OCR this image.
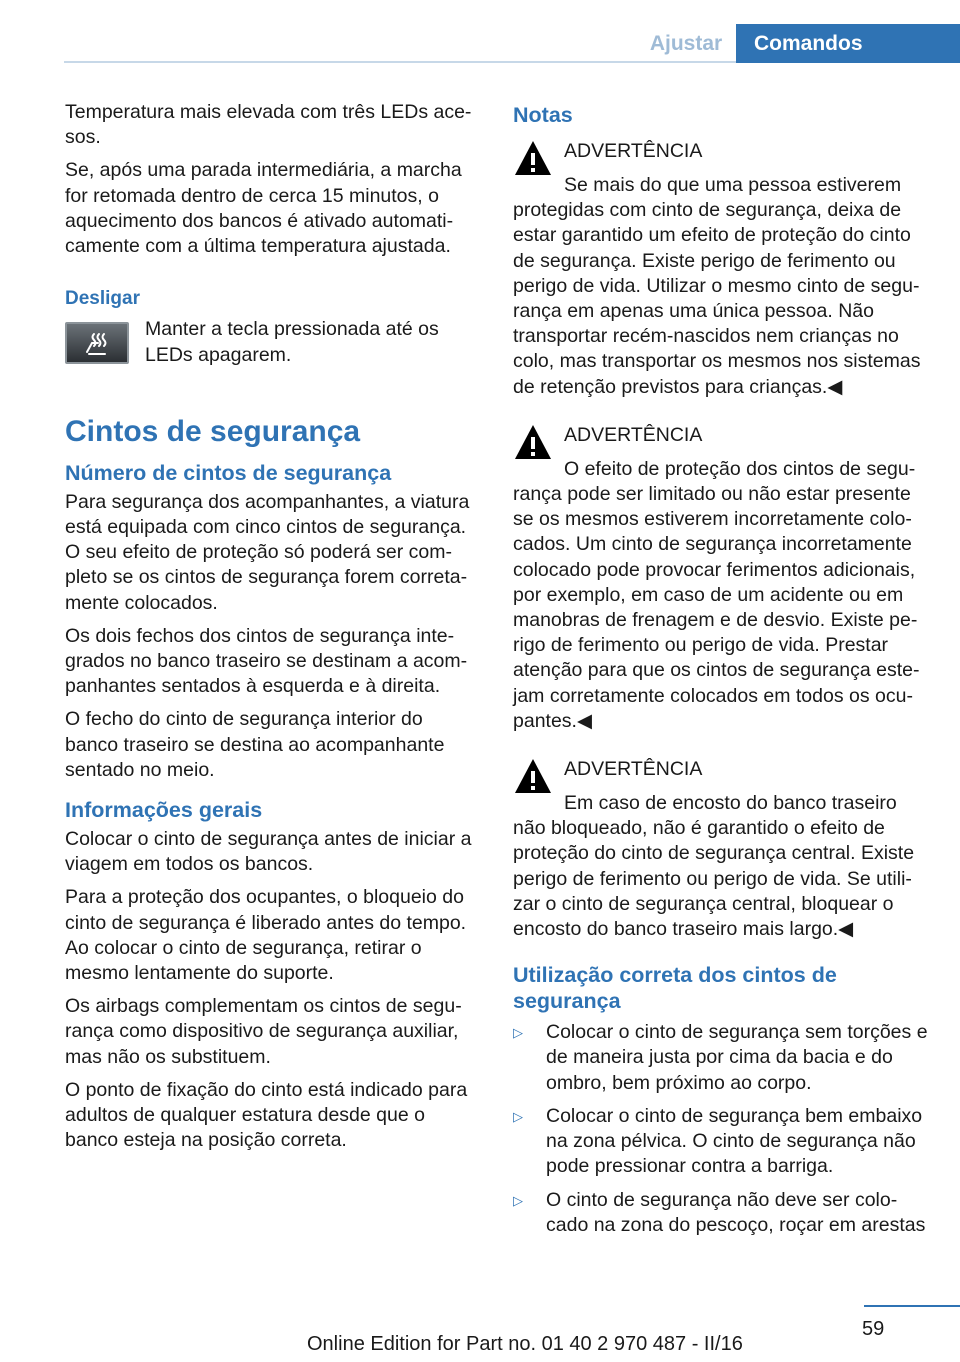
Ajustar	Comandos

Temperatura mais elevada com três LEDs ace‐sos.

Se, após uma parada intermediária, a marcha for retomada dentro de cerca 15 minutos, o aquecimento dos bancos é ativado automati‐camente com a última temperatura ajustada.

Desligar
Manter a tecla pressionada até os LEDs apagarem.
Cintos de segurança
Número de cintos de segurança

Para segurança dos acompanhantes, a viatura está equipada com cinco cintos de segurança. O seu efeito de proteção só poderá ser com‐pleto se os cintos de segurança forem correta‐mente colocados.

Os dois fechos dos cintos de segurança inte‐grados no banco traseiro se destinam a acom‐panhantes sentados à esquerda e à direita.

O fecho do cinto de segurança interior do banco traseiro se destina ao acompanhante sentado no meio.

Informações gerais

Colocar o cinto de segurança antes de iniciar a viagem em todos os bancos.

Para a proteção dos ocupantes, o bloqueio do cinto de segurança é liberado antes do tempo. Ao colocar o cinto de segurança, retirar o mesmo lentamente do suporte.

Os airbags complementam os cintos de segu‐rança como dispositivo de segurança auxiliar, mas não os substituem.

O ponto de fixação do cinto está indicado para adultos de qualquer estatura desde que o banco esteja na posição correta.

Notas
ADVERTÊNCIA
Se mais do que uma pessoa estiverem protegidas com cinto de segurança, deixa de estar garantido um efeito de proteção do cinto de segurança. Existe perigo de ferimento ou perigo de vida. Utilizar o mesmo cinto de segu‐rança em apenas uma única pessoa. Não transportar recém-nascidos nem crianças no colo, mas transportar os mesmos nos sistemas de retenção previstos para crianças.◀
ADVERTÊNCIA
O efeito de proteção dos cintos de segu‐rança pode ser limitado ou não estar presente se os mesmos estiverem incorretamente colo‐cados. Um cinto de segurança incorretamente colocado pode provocar ferimentos adicionais, por exemplo, em caso de um acidente ou em manobras de frenagem e de desvio. Existe pe‐rigo de ferimento ou perigo de vida. Prestar atenção para que os cintos de segurança este‐jam corretamente colocados em todos os ocu‐pantes.◀
ADVERTÊNCIA
Em caso de encosto do banco traseiro não bloqueado, não é garantido o efeito de proteção do cinto de segurança central. Existe perigo de ferimento ou perigo de vida. Se utili‐zar o cinto de segurança central, bloquear o encosto do banco traseiro mais largo.◀
Utilização correta dos cintos de segurança
▷	Colocar o cinto de segurança sem torções e de maneira justa por cima da bacia e do ombro, bem próximo ao corpo.
▷	Colocar o cinto de segurança bem embaixo na zona pélvica. O cinto de segurança não pode pressionar contra a barriga.
▷	O cinto de segurança não deve ser colo‐cado na zona do pescoço, roçar em arestas
59
Online Edition for Part no. 01 40 2 970 487 - II/16
